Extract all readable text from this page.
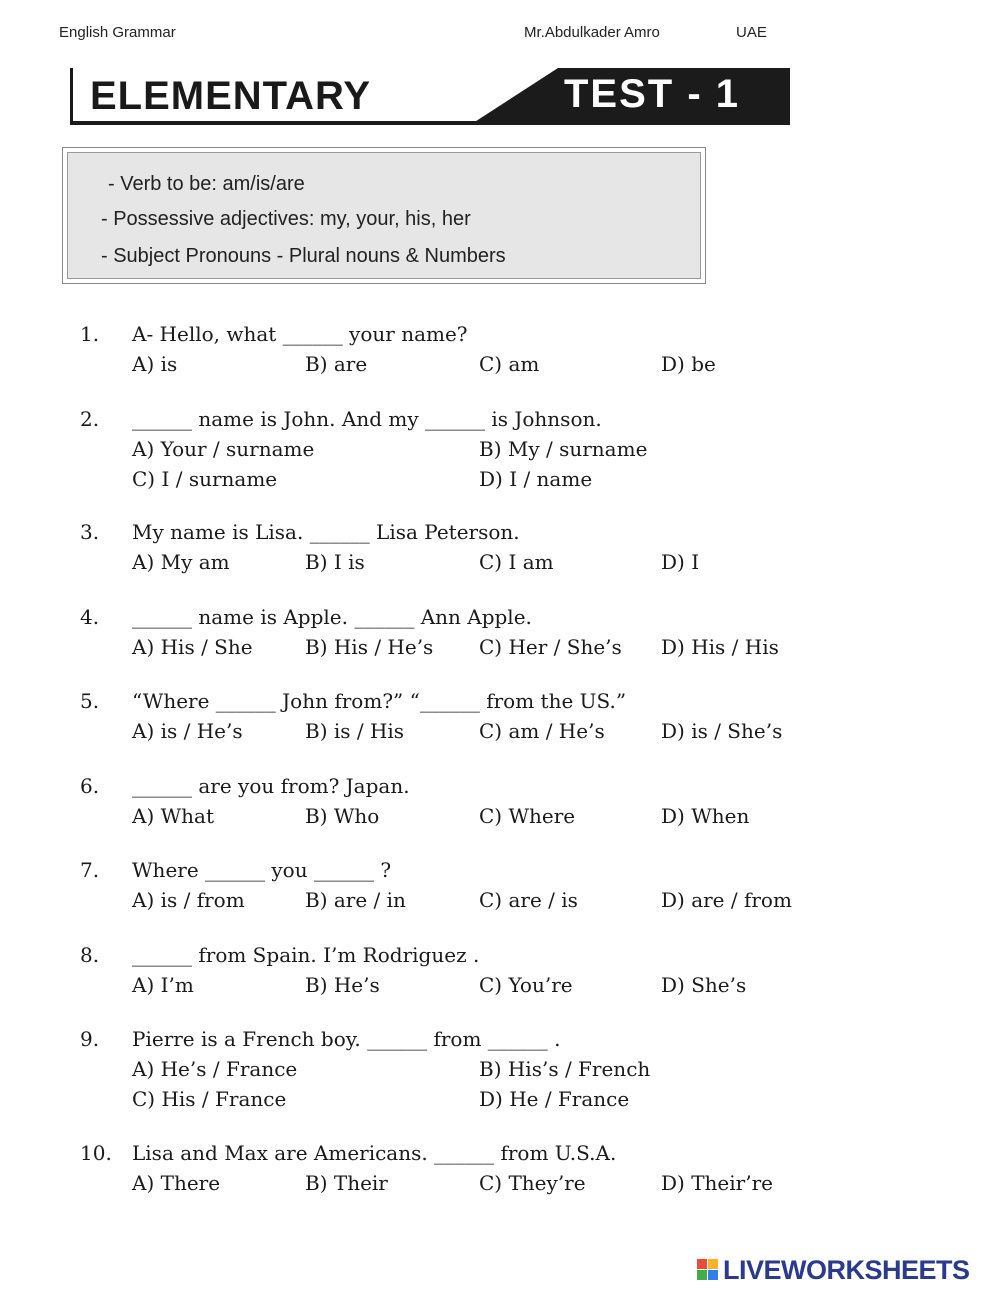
English Grammar	Mr.Abdulkader Amro	UAE
ELEMENTARY	TEST - 1
- Verb to be: am/is/are
- Possessive adjectives: my, your, his, her
- Subject Pronouns - Plural nouns & Numbers
1. A- Hello, what ______ your name?
A) is	B) are	C) am	D) be
2. ______ name is John. And my ______ is Johnson.
A) Your / surname	B) My / surname
C) I / surname	D) I / name
3. My name is Lisa. ______ Lisa Peterson.
A) My am	B) I is	C) I am	D) I
4. ______ name is Apple. ______ Ann Apple.
A) His / She	B) His / He’s C) Her / She’s D) His / His
5. “Where ______ John from?” “______ from the US.”
A) is / He’s	B) is / His	C) am / He’s	D) is / She’s
6. ______ are you from? Japan.
A) What	B) Who	C) Where	D) When
7. Where ______ you ______ ?
A) is / from	B) are / in	C) are / is	D) are / from
8. ______ from Spain. I’m Rodriguez .
A) I’m	B) He’s	C) You’re	D) She’s
9. Pierre is a French boy. ______ from ______ .
A) He’s / France	B) His’s / French
C) His / France	D) He / France
10. Lisa and Max are Americans. ______ from U.S.A.
A) There	B) Their	C) They’re	D) Their’re
LIVEWORKSHEETS
